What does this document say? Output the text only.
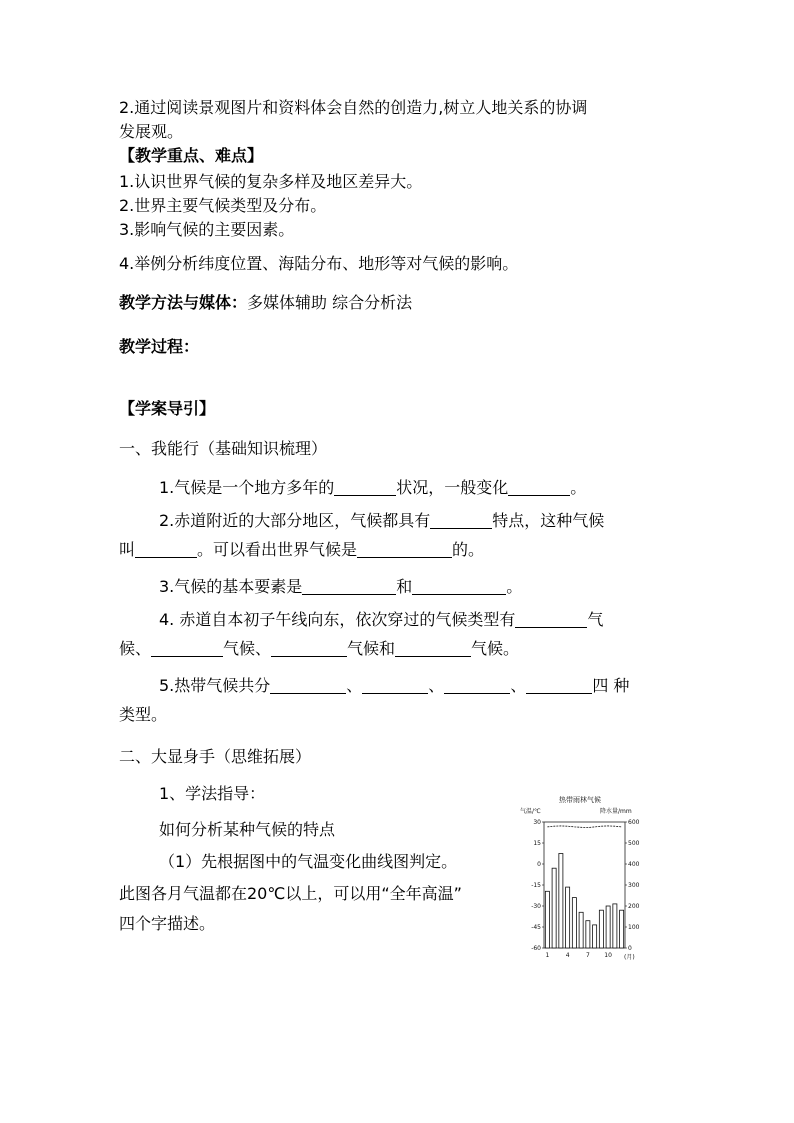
2.通过阅读景观图片和资料体会自然的创造力,树立人地关系的协调
发展观。
【教学重点、难点】
1.认识世界气候的复杂多样及地区差异大。
2.世界主要气候类型及分布。
3.影响气候的主要因素。
4.举例分析纬度位置、海陆分布、地形等对气候的影响。
教学方法与媒体：多媒体辅助 综合分析法
教学过程：
【学案导引】
一、我能行（基础知识梳理）
1.气候是一个地方多年的	状况，一般变化	。
2.赤道附近的大部分地区，气候都具有	特点，这种气候
叫	。可以看出世界气候是	的。
3.气候的基本要素是	和	。
4. 赤道自本初子午线向东，依次穿过的气候类型有	气
候、	气候、	气候和	气候。
5.热带气候共分	、	、	、	四 种
类型。
二、大显身手（思维拓展）
1、学法指导：
如何分析某种气候的特点
（1）先根据图中的气温变化曲线图判定。
此图各月气温都在20℃以上，可以用“全年高温”
四个字描述。
热带雨林气候
气温/℃	降水量/mm
30
15
0
-15
-30
-45
-60
600
500
400
300
200
100
0
1	4	7 10 (月)
